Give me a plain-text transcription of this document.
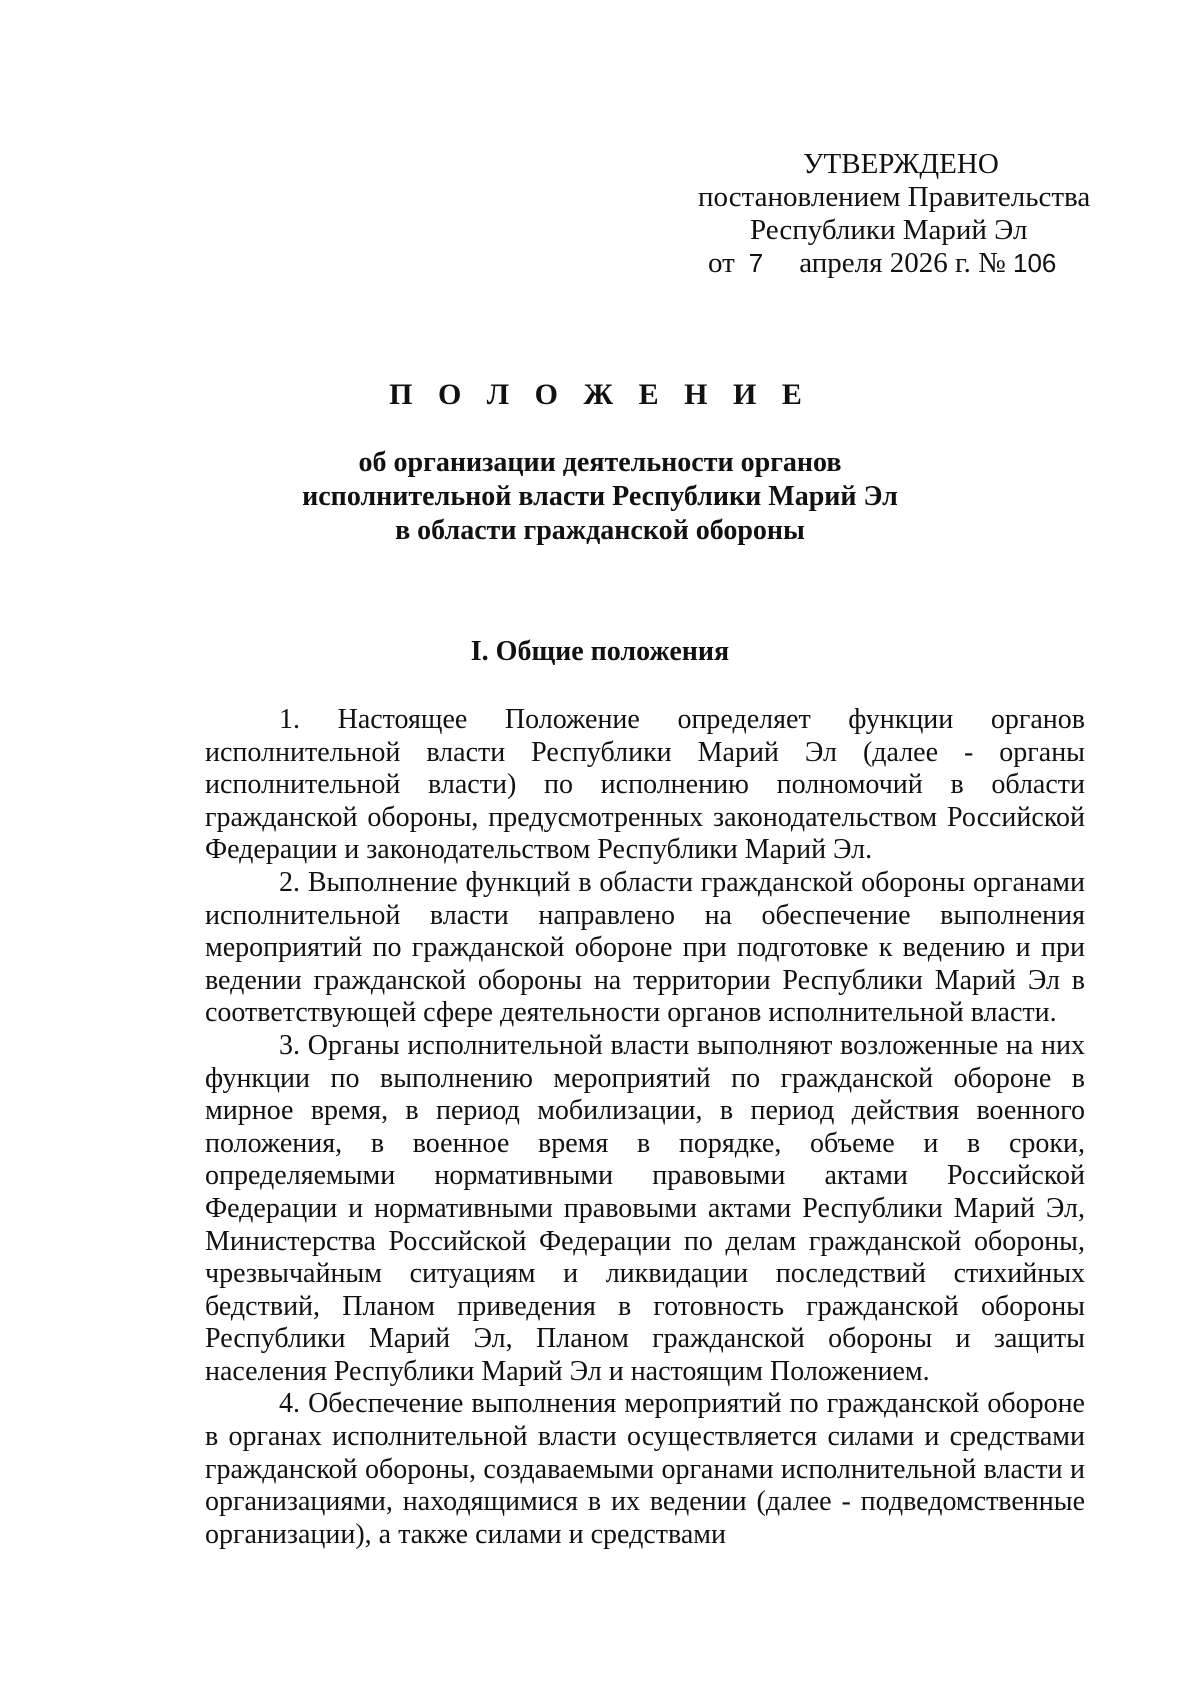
УТВЕРЖДЕНО
постановлением Правительства
Республики Марий Эл
от 7 апреля 2026 г. № 106
П О Л О Ж Е Н И Е
об организации деятельности органов
исполнительной власти Республики Марий Эл
в области гражданской обороны
I. Общие положения

1. Настоящее Положение определяет функции органов исполнительной власти Республики Марий Эл (далее - органы исполнительной власти) по исполнению полномочий в области гражданской обороны, предусмотренных законодательством Российской Федерации и законодательством Республики Марий Эл.

2. Выполнение функций в области гражданской обороны органами исполнительной власти направлено на обеспечение выполнения мероприятий по гражданской обороне при подготовке к ведению и при ведении гражданской обороны на территории Республики Марий Эл в соответствующей сфере деятельности органов исполнительной власти.

3. Органы исполнительной власти выполняют возложенные на них функции по выполнению мероприятий по гражданской обороне в мирное время, в период мобилизации, в период действия военного положения, в военное время в порядке, объеме и в сроки, определяемыми нормативными правовыми актами Российской Федерации и нормативными правовыми актами Республики Марий Эл, Министерства Российской Федерации по делам гражданской обороны, чрезвычайным ситуациям и ликвидации последствий стихийных бедствий, Планом приведения в готовность гражданской обороны Республики Марий Эл, Планом гражданской обороны и защиты населения Республики Марий Эл и настоящим Положением.

4. Обеспечение выполнения мероприятий по гражданской обороне в органах исполнительной власти осуществляется силами и средствами гражданской обороны, создаваемыми органами исполнительной власти и организациями, находящимися в их ведении (далее - подведомственные организации), а также силами и средствами
